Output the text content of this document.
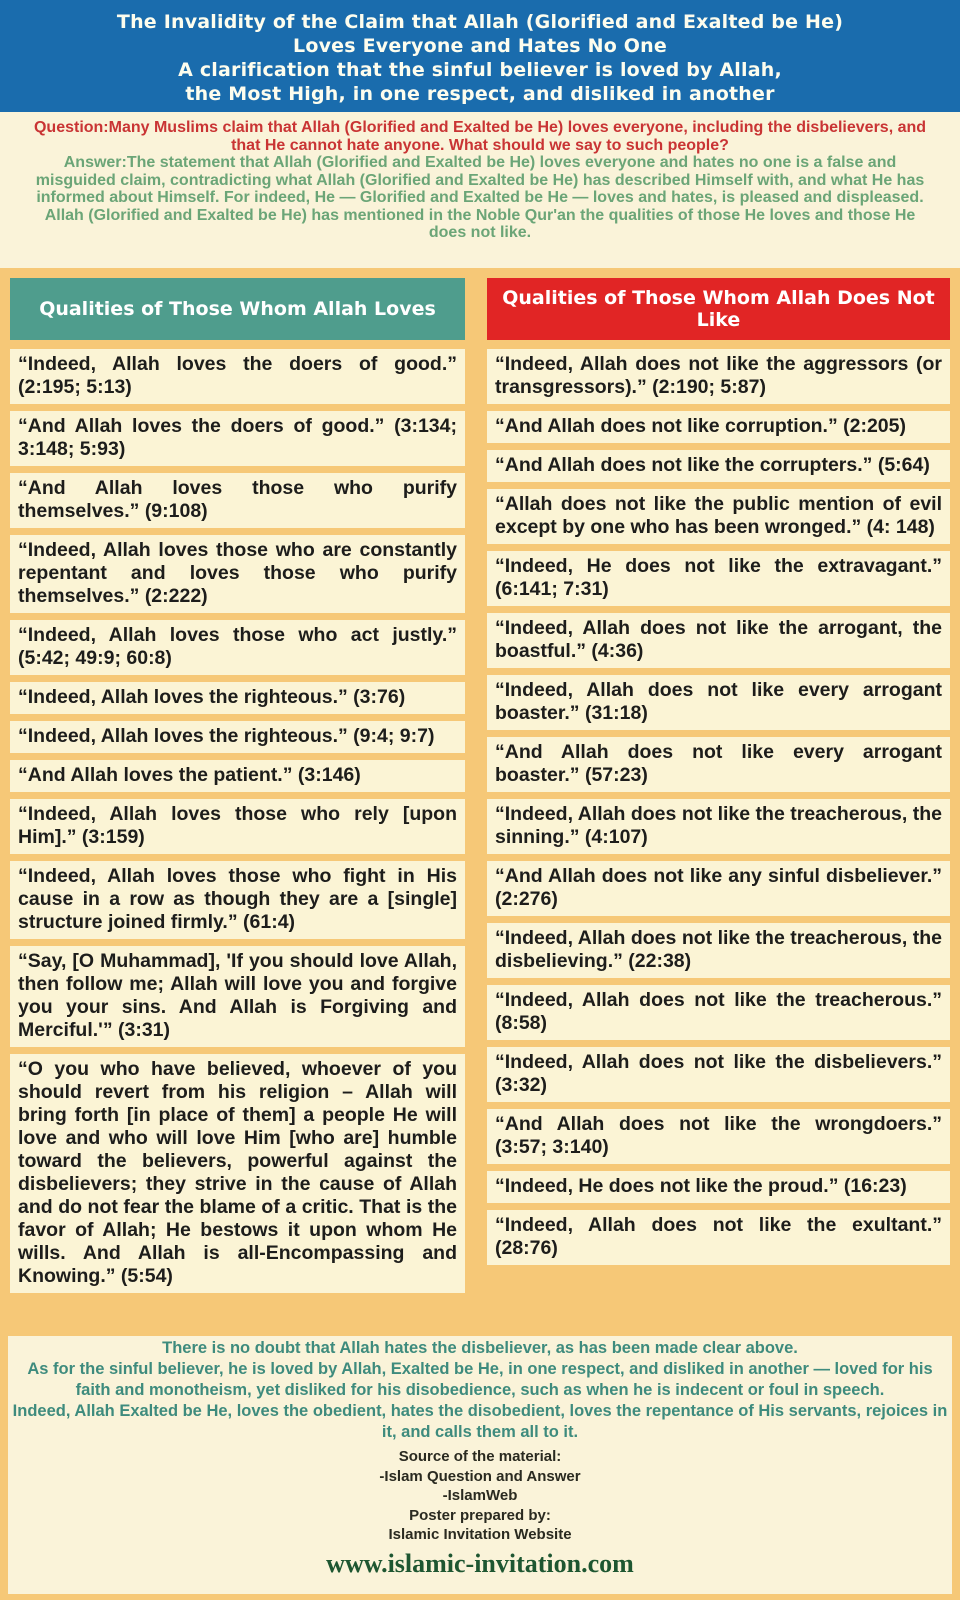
The Invalidity of the Claim that Allah (Glorified and Exalted be He)
Loves Everyone and Hates No One
A clarification that the sinful believer is loved by Allah,
the Most High, in one respect, and disliked in another

Question:Many Muslims claim that Allah (Glorified and Exalted be He) loves everyone, including the disbelievers, and that He cannot hate anyone. What should we say to such people?

Answer:The statement that Allah (Glorified and Exalted be He) loves everyone and hates no one is a false and misguided claim, contradicting what Allah (Glorified and Exalted be He) has described Himself with, and what He has informed about Himself. For indeed, He — Glorified and Exalted be He — loves and hates, is pleased and displeased.

Allah (Glorified and Exalted be He) has mentioned in the Noble Qur'an the qualities of those He loves and those He does not like.

Qualities of Those Whom Allah Loves

“Indeed, Allah loves the doers of good.” (2:195; 5:13)

“And Allah loves the doers of good.” (3:134; 3:148; 5:93)

“And Allah loves those who purify themselves.” (9:108)

“Indeed, Allah loves those who are constantly repentant and loves those who purify themselves.” (2:222)

“Indeed, Allah loves those who act justly.” (5:42; 49:9; 60:8)

“Indeed, Allah loves the righteous.” (3:76)

“Indeed, Allah loves the righteous.” (9:4; 9:7)

“And Allah loves the patient.” (3:146)

“Indeed, Allah loves those who rely [upon Him].” (3:159)

“Indeed, Allah loves those who fight in His cause in a row as though they are a [single] structure joined firmly.” (61:4)

“Say, [O Muhammad], 'If you should love Allah, then follow me; Allah will love you and forgive you your sins. And Allah is Forgiving and Merciful.'” (3:31)

“O you who have believed, whoever of you should revert from his religion – Allah will bring forth [in place of them] a people He will love and who will love Him [who are] humble toward the believers, powerful against the disbelievers; they strive in the cause of Allah and do not fear the blame of a critic. That is the favor of Allah; He bestows it upon whom He wills. And Allah is all-Encompassing and Knowing.” (5:54)

Qualities of Those Whom Allah Does Not Like

“Indeed, Allah does not like the aggressors (or transgressors).” (2:190; 5:87)

“And Allah does not like corruption.” (2:205)

“And Allah does not like the corrupters.” (5:64)

“Allah does not like the public mention of evil except by one who has been wronged.” (4: 148)

“Indeed, He does not like the extravagant.” (6:141; 7:31)

“Indeed, Allah does not like the arrogant, the boastful.” (4:36)

“Indeed, Allah does not like every arrogant boaster.” (31:18)

“And Allah does not like every arrogant boaster.” (57:23)

“Indeed, Allah does not like the treacherous, the sinning.” (4:107)

“And Allah does not like any sinful disbeliever.” (2:276)

“Indeed, Allah does not like the treacherous, the disbelieving.” (22:38)

“Indeed, Allah does not like the treacherous.” (8:58)

“Indeed, Allah does not like the disbelievers.” (3:32)

“And Allah does not like the wrongdoers.” (3:57; 3:140)

“Indeed, He does not like the proud.” (16:23)

“Indeed, Allah does not like the exultant.” (28:76)

There is no doubt that Allah hates the disbeliever, as has been made clear above.

As for the sinful believer, he is loved by Allah, Exalted be He, in one respect, and disliked in another — loved for his faith and monotheism, yet disliked for his disobedience, such as when he is indecent or foul in speech.

Indeed, Allah Exalted be He, loves the obedient, hates the disobedient, loves the repentance of His servants, rejoices in it, and calls them all to it.

Source of the material:
-Islam Question and Answer
-IslamWeb
Poster prepared by:
Islamic Invitation Website
www.islamic-invitation.com
